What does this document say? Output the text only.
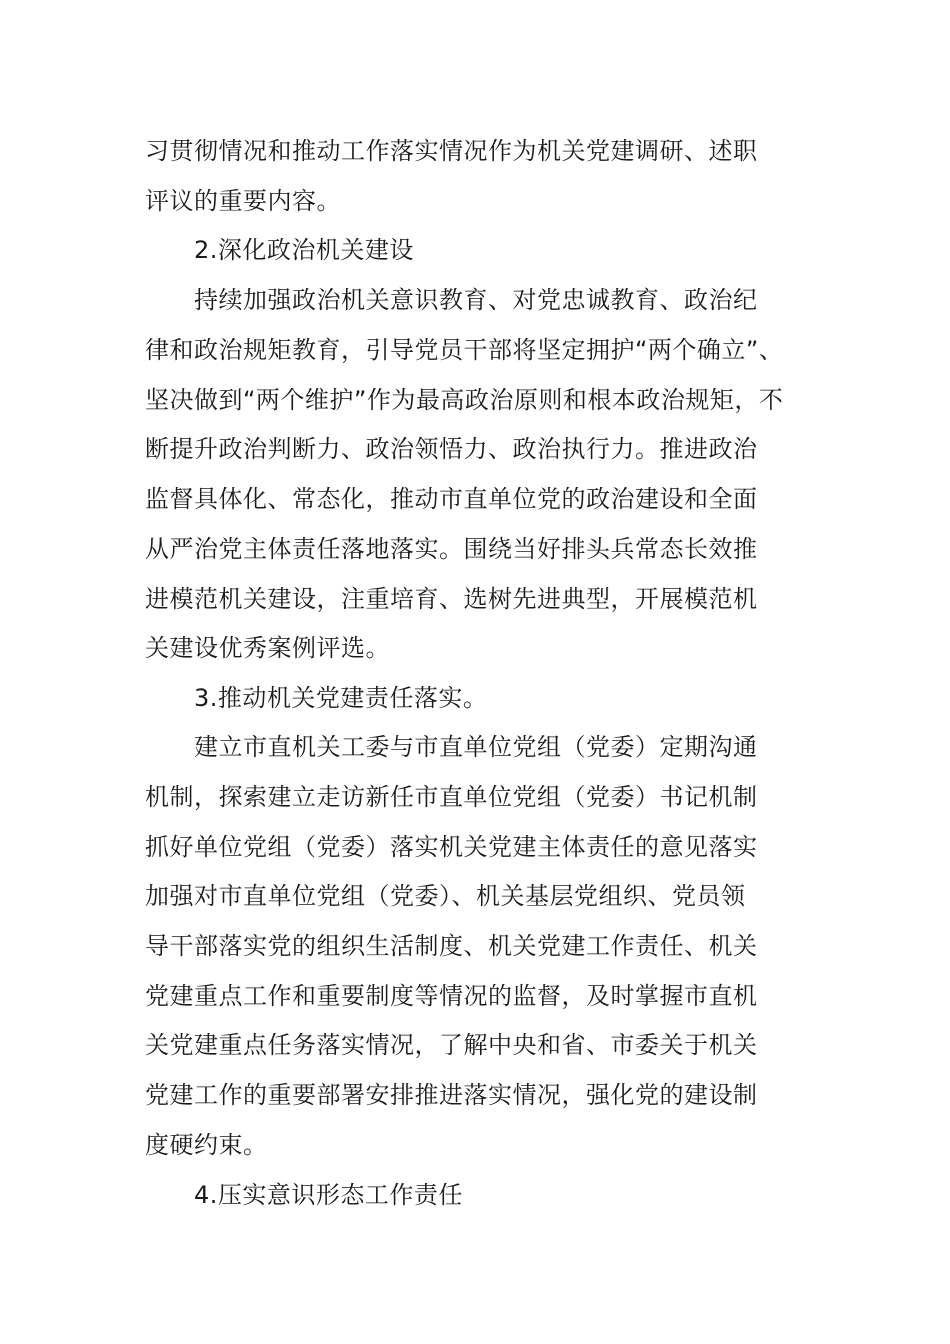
习贯彻情况和推动工作落实情况作为机关党建调研、述职
评议的重要内容。
2.深化政治机关建设
持续加强政治机关意识教育、对党忠诚教育、政治纪
律和政治规矩教育，引导党员干部将坚定拥护“两个确立”、
坚决做到“两个维护”作为最高政治原则和根本政治规矩，不
断提升政治判断力、政治领悟力、政治执行力。推进政治
监督具体化、常态化，推动市直单位党的政治建设和全面
从严治党主体责任落地落实。围绕当好排头兵常态长效推
进模范机关建设，注重培育、选树先进典型，开展模范机
关建设优秀案例评选。
3.推动机关党建责任落实。
建立市直机关工委与市直单位党组（党委）定期沟通
机制，探索建立走访新任市直单位党组（党委）书记机制
抓好单位党组（党委）落实机关党建主体责任的意见落实
加强对市直单位党组（党委）、机关基层党组织、党员领
导干部落实党的组织生活制度、机关党建工作责任、机关
党建重点工作和重要制度等情况的监督，及时掌握市直机
关党建重点任务落实情况，了解中央和省、市委关于机关
党建工作的重要部署安排推进落实情况，强化党的建设制
度硬约束。
4.压实意识形态工作责任
